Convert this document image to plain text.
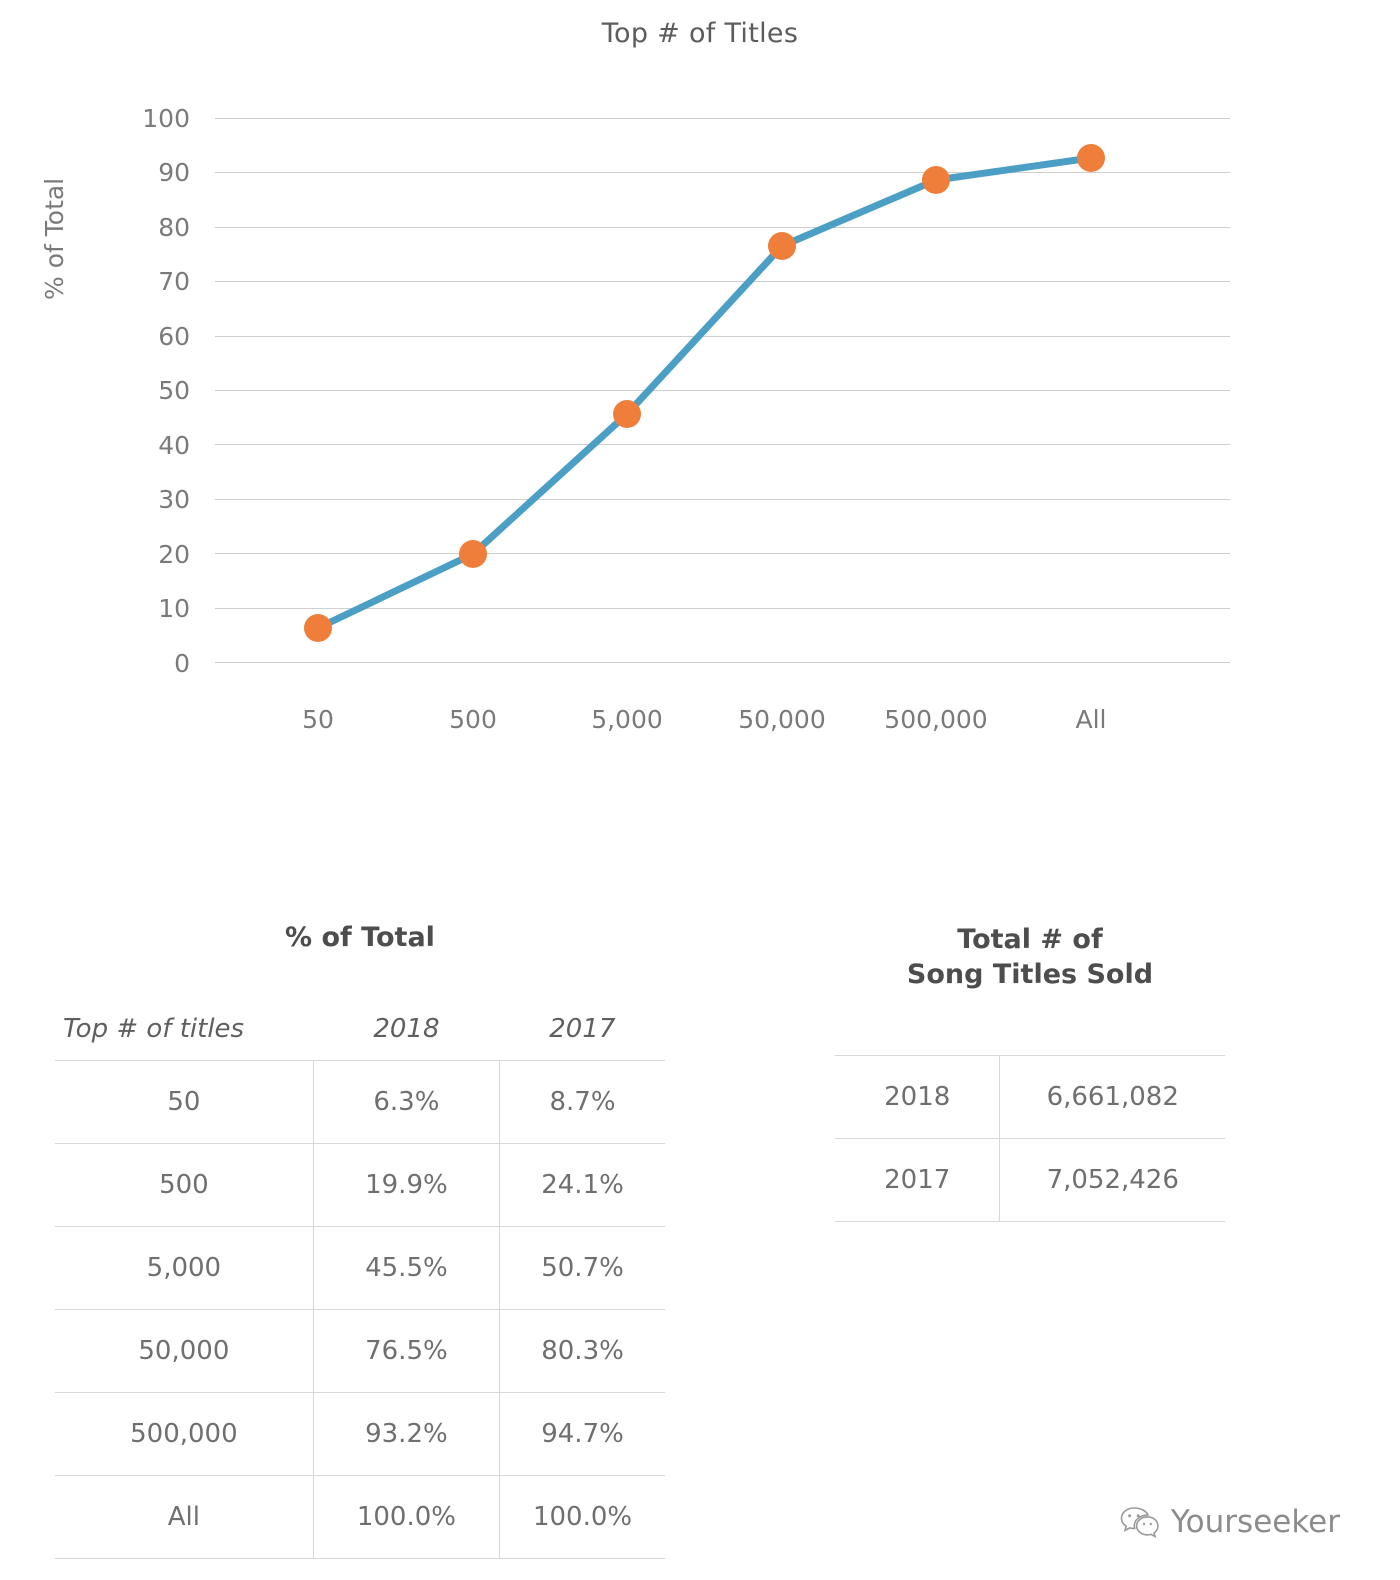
Top # of Titles
% of Total
100
90
80
70
60
50
40
30
20
10
0
50	500	5,000	50,000	500,000	All
% of Total	Total # of
Song Titles Sold
Top # of titles	2018	2017
50	6.3%	8.7%
500	19.9%	24.1%
5,000	45.5%	50.7%
50,000	76.5%	80.3%
500,000	93.2%	94.7%
All	100.0%	100.0%
2018	6,661,082
2017	7,052,426
Yourseeker
